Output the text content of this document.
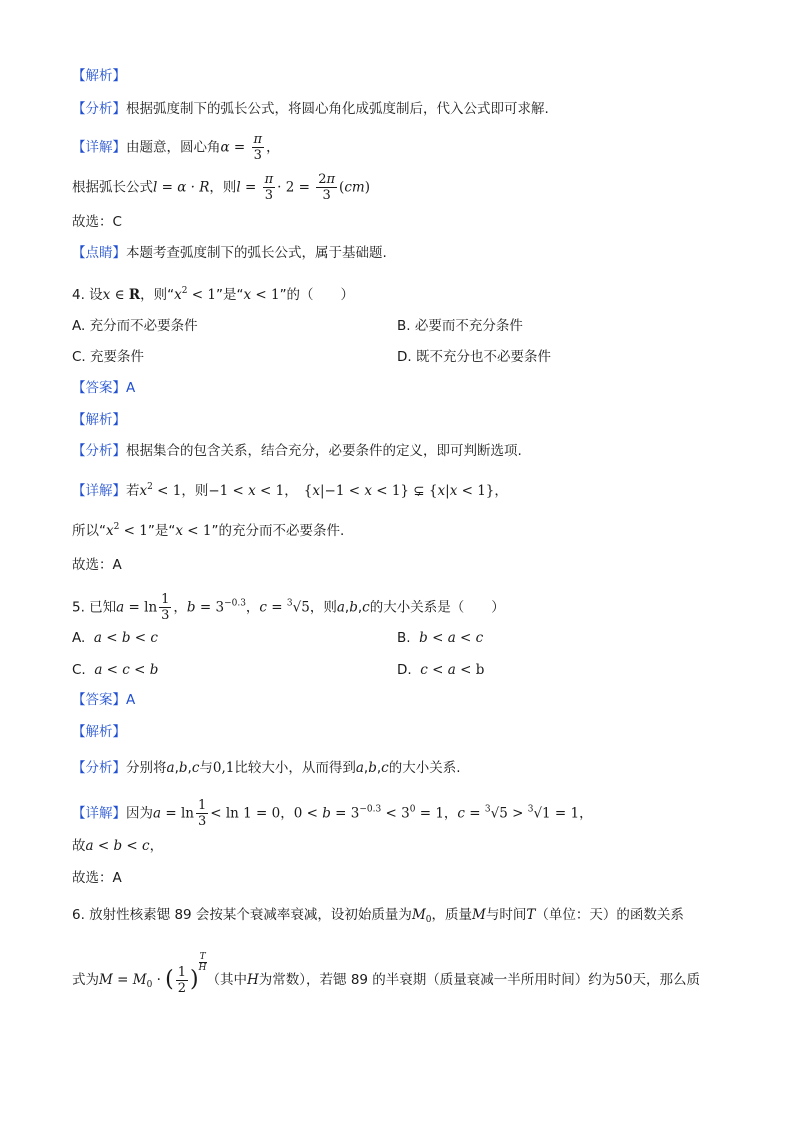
【解析】
【分析】根据弧度制下的弧长公式，将圆心角化成弧度制后，代入公式即可求解.
【详解】由题意，圆心角$\alpha = \frac{\pi}{3}$ ，
根据弧长公式l = α · R，则$l = \frac{\pi}{3} \cdot 2 = \frac{2\pi}{3} (cm)$
故选：C
【点睛】本题考查弧度制下的弧长公式，属于基础题.
4. 设x ∈ R，则“$x^2 < 1$”是“x < 1”的（　　）
A. 充分而不必要条件	B. 必要而不充分条件
C. 充要条件	D. 既不充分也不必要条件
【答案】A
【解析】
【分析】根据集合的包含关系，结合充分，必要条件的定义，即可判断选项.
【详解】若$x^2 < 1$，则−1 < x < 1， {x|−1 < x < 1} ⊊ {x|x < 1}，
所以“$x^2 < 1$”是“x < 1”的充分而不必要条件.
故选：A
5. 已知$a = \ln \frac{1}{3}$ ，$b = 3^{-0.3}$，c = $^3$√5，则a,b,c的大小关系是（　　）
A.  a < b < c	B.  b < a < c
C.  a < c < b	D.  c < a < b
【答案】A
【解析】
【分析】分别将a,b,c与0,1比较大小，从而得到a,b,c的大小关系.
【详解】因为$a = \ln \frac{1}{3} < \ln 1 = 0$，$0 < b = 3^{-0.3} < 3^0 = 1$，c = $^3$√5 > $^3$√1 = 1，
故a < b < c，
故选：A
6. 放射性核素锶 89 会按某个衰减率衰减，设初始质量为$M_0$，质量M与时间T（单位：天）的函数关系
式为$M = M_0$ · ( $\frac{1}{2}$ )
$\frac{T}{H}$
（其中H为常数），若锶 89 的半衰期（质量衰减一半所用时间）约为50天，那么质
